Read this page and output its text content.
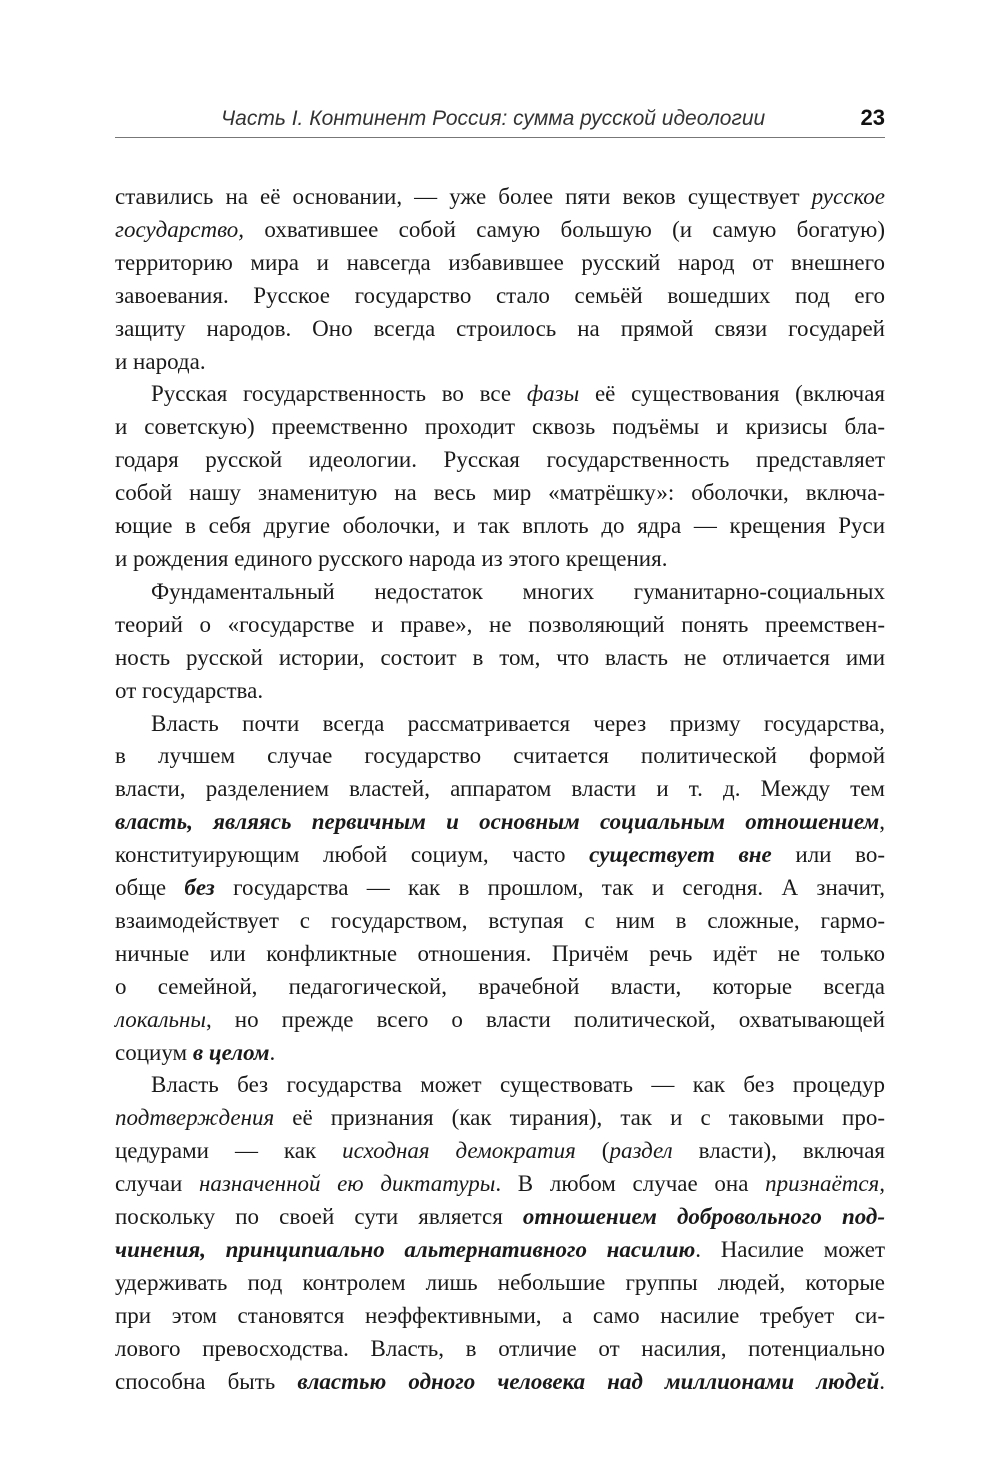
Часть I. Континент Россия: сумма русской идеологии	23
ставились на её основании, — уже более пяти веков существует русское
государство, охватившее собой самую большую (и самую богатую)
территорию мира и навсегда избавившее русский народ от внешнего
завоевания. Русское государство стало семьёй вошедших под его
защиту народов. Оно всегда строилось на прямой связи государей
и народа.
Русская государственность во все фазы её существования (включая
и советскую) преемственно проходит сквозь подъёмы и кризисы бла-
годаря русской идеологии. Русская государственность представляет
собой нашу знаменитую на весь мир «матрёшку»: оболочки, включа-
ющие в себя другие оболочки, и так вплоть до ядра — крещения Руси
и рождения единого русского народа из этого крещения.
Фундаментальный недостаток многих гуманитарно-социальных
теорий о «государстве и праве», не позволяющий понять преемствен-
ность русской истории, состоит в том, что власть не отличается ими
от государства.
Власть почти всегда рассматривается через призму государства,
в лучшем случае государство считается политической формой
власти, разделением властей, аппаратом власти и т. д. Между тем
власть, являясь первичным и основным социальным отношением,
конституирующим любой социум, часто существует вне или во-
обще без государства — как в прошлом, так и сегодня. А значит,
взаимодействует с государством, вступая с ним в сложные, гармо-
ничные или конфликтные отношения. Причём речь идёт не только
о семейной, педагогической, врачебной власти, которые всегда
локальны, но прежде всего о власти политической, охватывающей
социум в целом.
Власть без государства может существовать — как без процедур
подтверждения её признания (как тирания), так и с таковыми про-
цедурами — как исходная демократия (раздел власти), включая
случаи назначенной ею диктатуры. В любом случае она признаётся,
поскольку по своей сути является отношением добровольного под-
чинения, принципиально альтернативного насилию. Насилие может
удерживать под контролем лишь небольшие группы людей, которые
при этом становятся неэффективными, а само насилие требует си-
лового превосходства. Власть, в отличие от насилия, потенциально
способна быть властью одного человека над миллионами людей.
